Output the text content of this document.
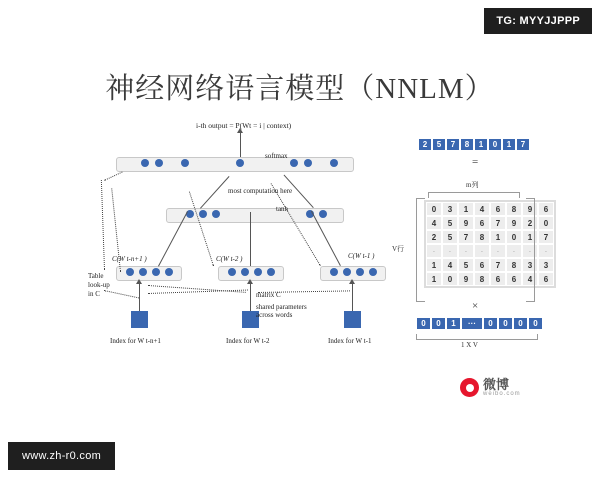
TG: MYYJJPPP
神经网络语言模型（NNLM）
i-th output = P(Wt = i | context)
softmax
most computation here
tanh
C(W t-n+1 )	C(W t-2 )	C(W t-1 )
Table
look-up
in C	matrix C
shared parameters
across words
Index for W t-n+1	Index for W t-2	Index for W t-1
2	5	7	8	1	0	1	7
=
m列
0	3	1	4	6	8	9	6
4	5	9	6	7	9	2	0
2	5	7	8	1	0	1	7
·	·	·	·	·	·	·	·
1	4	5	6	7	8	3	3
1	0	9	8	6	6	4	6
V行
×
0	0	1	···	0	0	0	0
1 X V
微博
weibo.com
www.zh-r0.com
